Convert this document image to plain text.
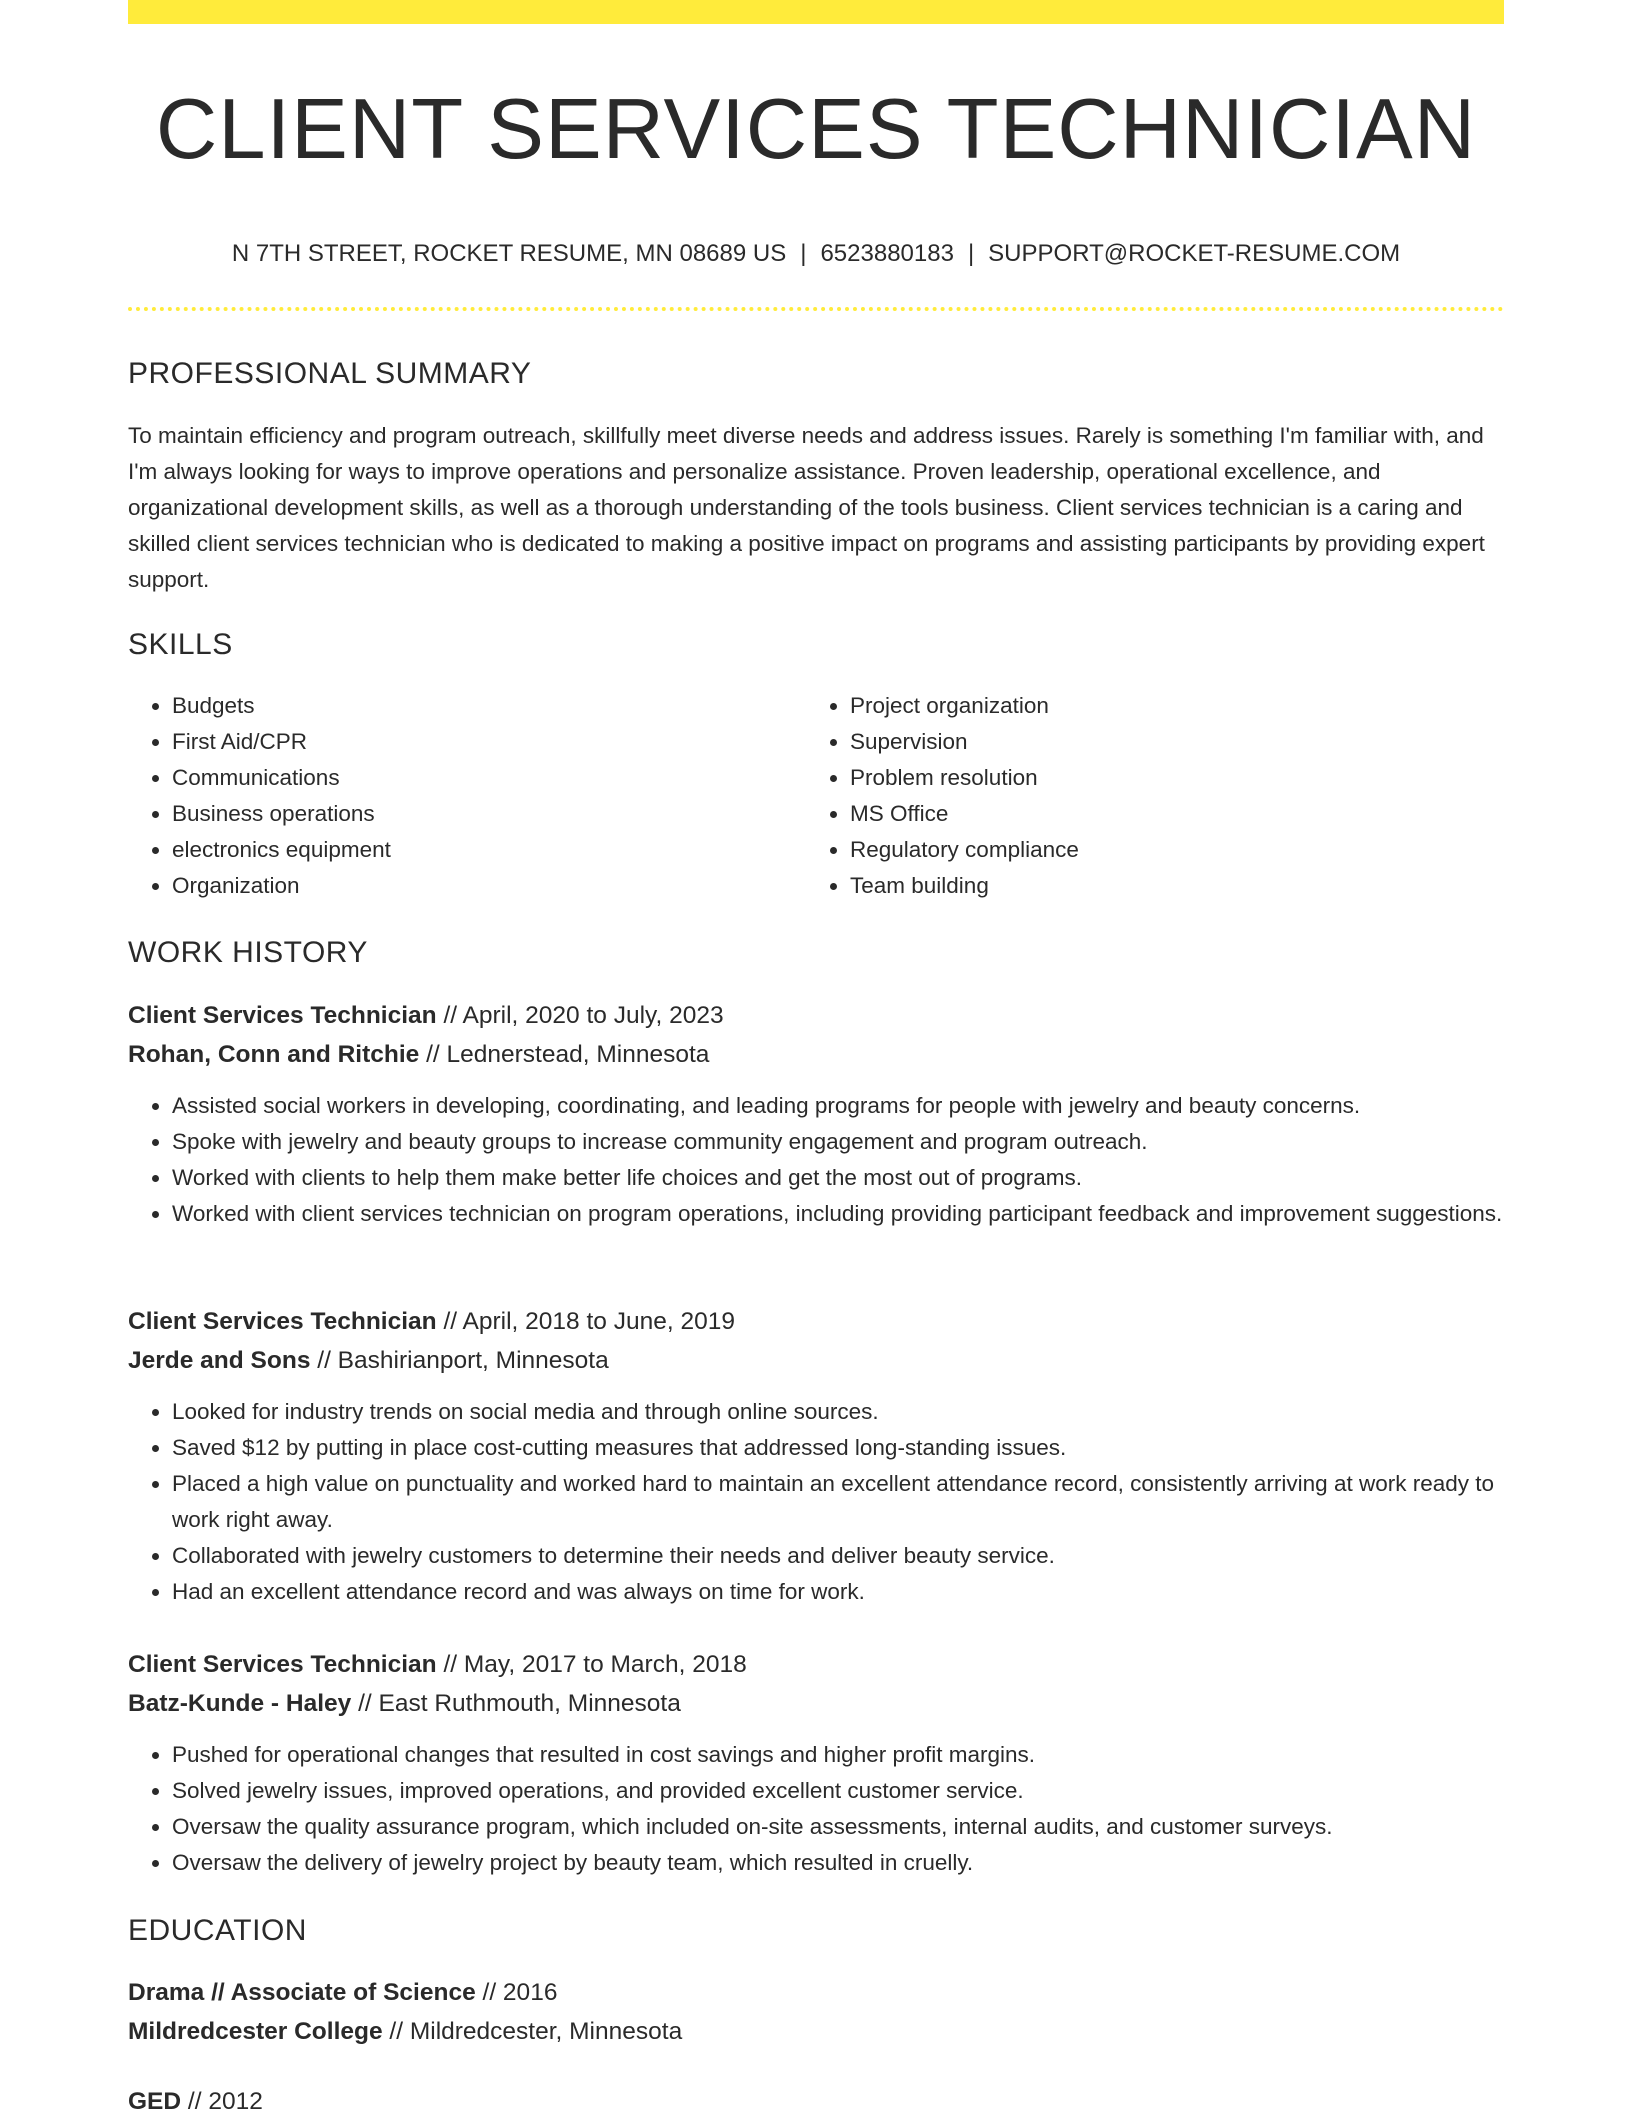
CLIENT SERVICES TECHNICIAN
N 7TH STREET, ROCKET RESUME, MN 08689 US | 6523880183 | SUPPORT@ROCKET-RESUME.COM
PROFESSIONAL SUMMARY

To maintain efficiency and program outreach, skillfully meet diverse needs and address issues. Rarely is something I'm familiar with, and I'm always looking for ways to improve operations and personalize assistance. Proven leadership, operational excellence, and organizational development skills, as well as a thorough understanding of the tools business. Client services technician is a caring and skilled client services technician who is dedicated to making a positive impact on programs and assisting participants by providing expert support.

SKILLS
• Budgets
• First Aid/CPR
• Communications
• Business operations
• electronics equipment
• Organization
• Project organization
• Supervision
• Problem resolution
• MS Office
• Regulatory compliance
• Team building
WORK HISTORY

Client Services Technician // April, 2020 to July, 2023

Rohan, Conn and Ritchie // Lednerstead, Minnesota

• Assisted social workers in developing, coordinating, and leading programs for people with jewelry and beauty concerns.
• Spoke with jewelry and beauty groups to increase community engagement and program outreach.
• Worked with clients to help them make better life choices and get the most out of programs.
• Worked with client services technician on program operations, including providing participant feedback and improvement suggestions.

Client Services Technician // April, 2018 to June, 2019

Jerde and Sons // Bashirianport, Minnesota

• Looked for industry trends on social media and through online sources.
• Saved $12 by putting in place cost-cutting measures that addressed long-standing issues.
• Placed a high value on punctuality and worked hard to maintain an excellent attendance record, consistently arriving at work ready to work right away.
• Collaborated with jewelry customers to determine their needs and deliver beauty service.
• Had an excellent attendance record and was always on time for work.

Client Services Technician // May, 2017 to March, 2018

Batz-Kunde - Haley // East Ruthmouth, Minnesota

• Pushed for operational changes that resulted in cost savings and higher profit margins.
• Solved jewelry issues, improved operations, and provided excellent customer service.
• Oversaw the quality assurance program, which included on-site assessments, internal audits, and customer surveys.
• Oversaw the delivery of jewelry project by beauty team, which resulted in cruelly.
EDUCATION

Drama // Associate of Science // 2016

Mildredcester College // Mildredcester, Minnesota

GED // 2012
